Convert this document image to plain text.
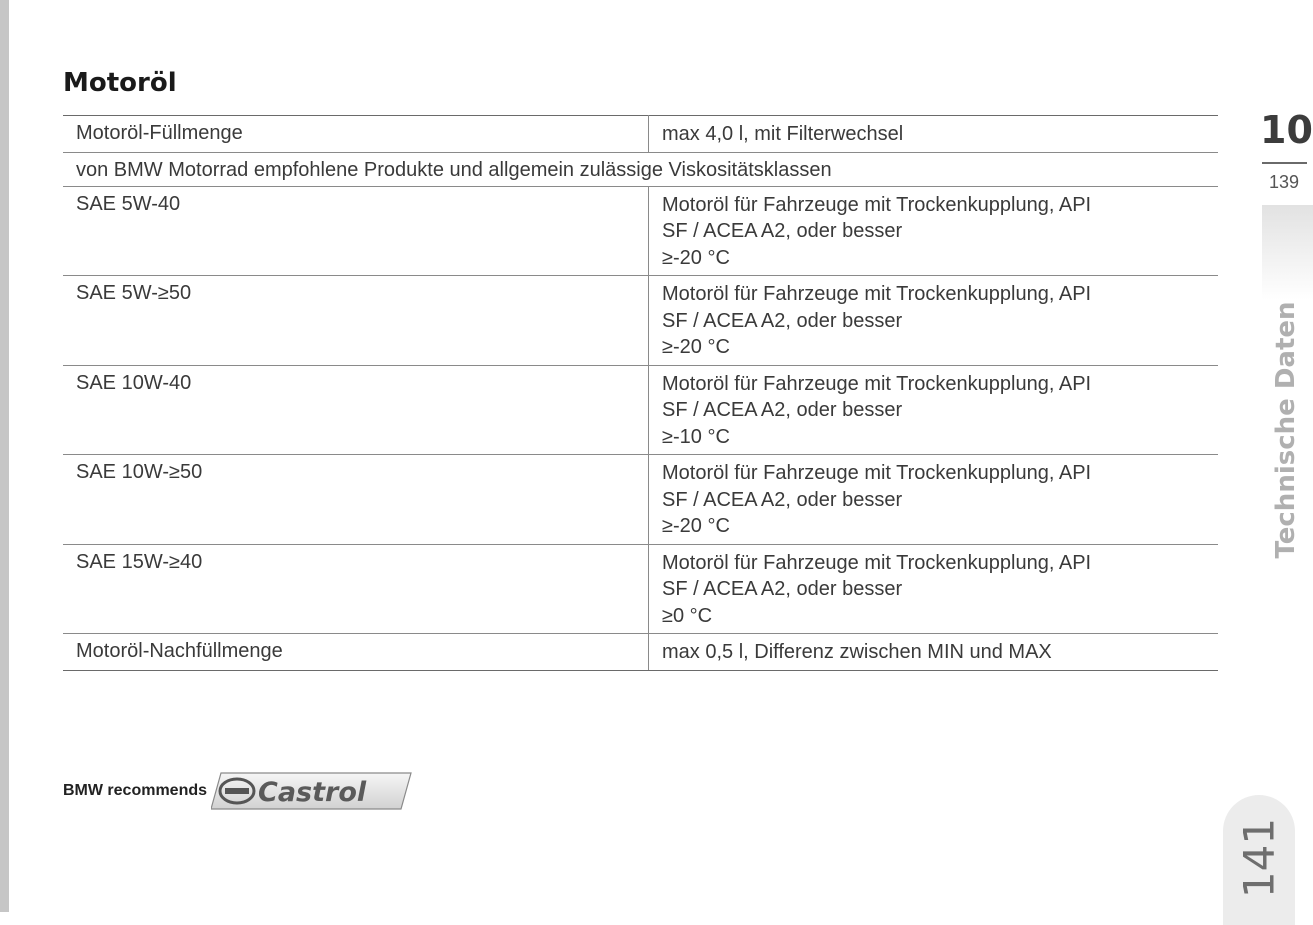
Motoröl
Motoröl-Füllmenge	max 4,0 l, mit Filterwechsel
von BMW Motorrad empfohlene Produkte und allgemein zulässige Viskositätsklassen	
SAE 5W-40	Motoröl für Fahrzeuge mit Trockenkupplung, API
SF / ACEA A2, oder besser
≥-20 °C

SAE 5W-≥50	Motoröl für Fahrzeuge mit Trockenkupplung, API
SF / ACEA A2, oder besser
≥-20 °C

SAE 10W-40	Motoröl für Fahrzeuge mit Trockenkupplung, API
SF / ACEA A2, oder besser
≥-10 °C

SAE 10W-≥50	Motoröl für Fahrzeuge mit Trockenkupplung, API
SF / ACEA A2, oder besser
≥-20 °C

SAE 15W-≥40	Motoröl für Fahrzeuge mit Trockenkupplung, API
SF / ACEA A2, oder besser
≥0 °C

Motoröl-Nachfüllmenge	max 0,5 l, Differenz zwischen MIN und MAX
BMW recommends Castrol
10
139
Technische Daten
141
